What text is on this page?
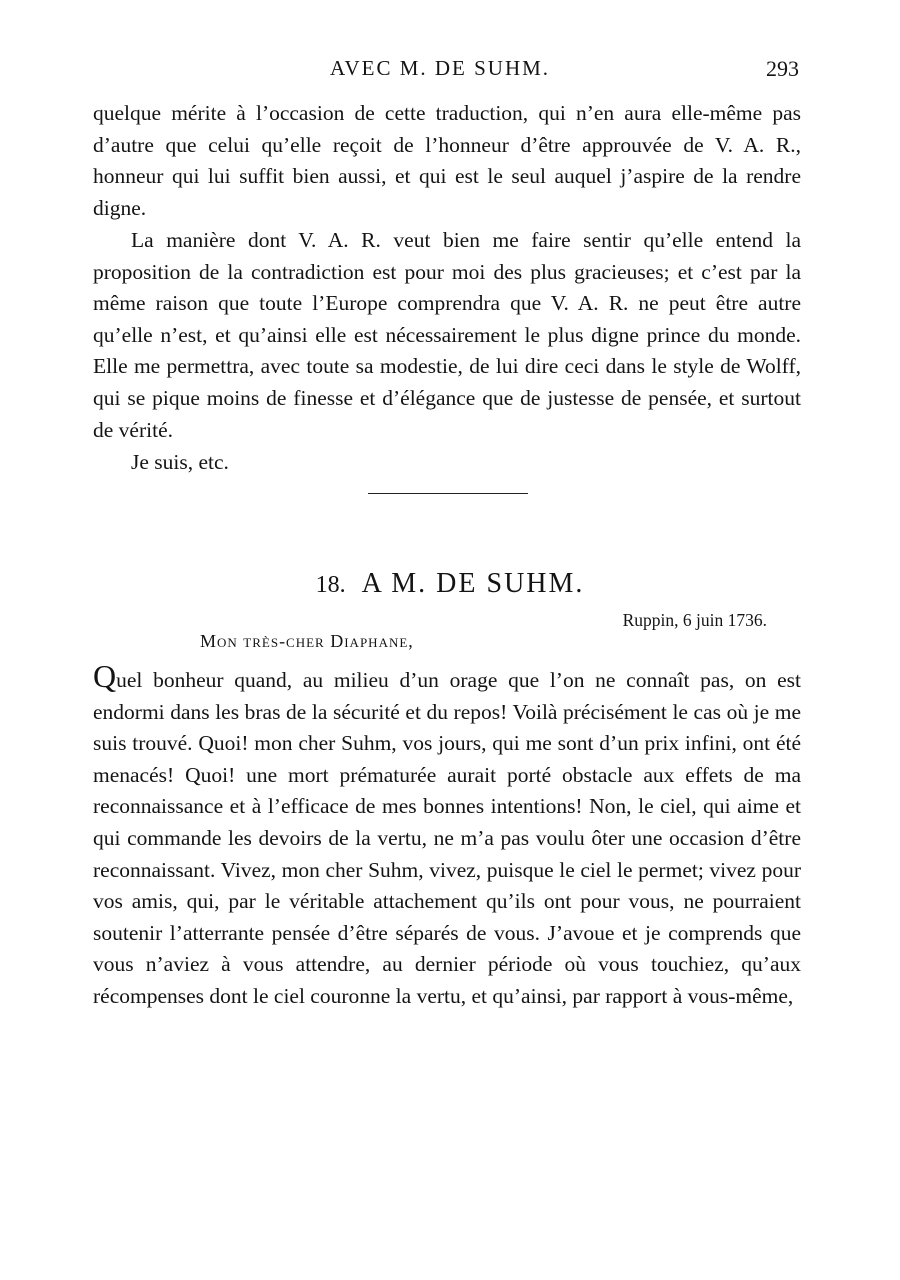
AVEC M. DE SUHM.	293

quelque mérite à l’occasion de cette traduction, qui n’en aura elle-même pas d’autre que celui qu’elle reçoit de l’honneur d’être approuvée de V. A. R., honneur qui lui suffit bien aussi, et qui est le seul auquel j’aspire de la rendre digne.

La manière dont V. A. R. veut bien me faire sentir qu’elle entend la proposition de la contradiction est pour moi des plus gracieuses; et c’est par la même raison que toute l’Europe comprendra que V. A. R. ne peut être autre qu’elle n’est, et qu’ainsi elle est nécessairement le plus digne prince du monde. Elle me permettra, avec toute sa modestie, de lui dire ceci dans le style de Wolff, qui se pique moins de finesse et d’élégance que de justesse de pensée, et surtout de vérité.

Je suis, etc.

18. A M. DE SUHM.
Ruppin, 6 juin 1736.
Mon très-cher Diaphane,

Quel bonheur quand, au milieu d’un orage que l’on ne connaît pas, on est endormi dans les bras de la sécurité et du repos! Voilà précisément le cas où je me suis trouvé. Quoi! mon cher Suhm, vos jours, qui me sont d’un prix infini, ont été menacés! Quoi! une mort prématurée aurait porté obstacle aux effets de ma reconnaissance et à l’efficace de mes bonnes intentions! Non, le ciel, qui aime et qui commande les devoirs de la vertu, ne m’a pas voulu ôter une occasion d’être reconnaissant. Vivez, mon cher Suhm, vivez, puisque le ciel le permet; vivez pour vos amis, qui, par le véritable attachement qu’ils ont pour vous, ne pourraient soutenir l’atterrante pensée d’être séparés de vous. J’avoue et je comprends que vous n’aviez à vous attendre, au dernier période où vous touchiez, qu’aux récompenses dont le ciel couronne la vertu, et qu’ainsi, par rapport à vous-même,
